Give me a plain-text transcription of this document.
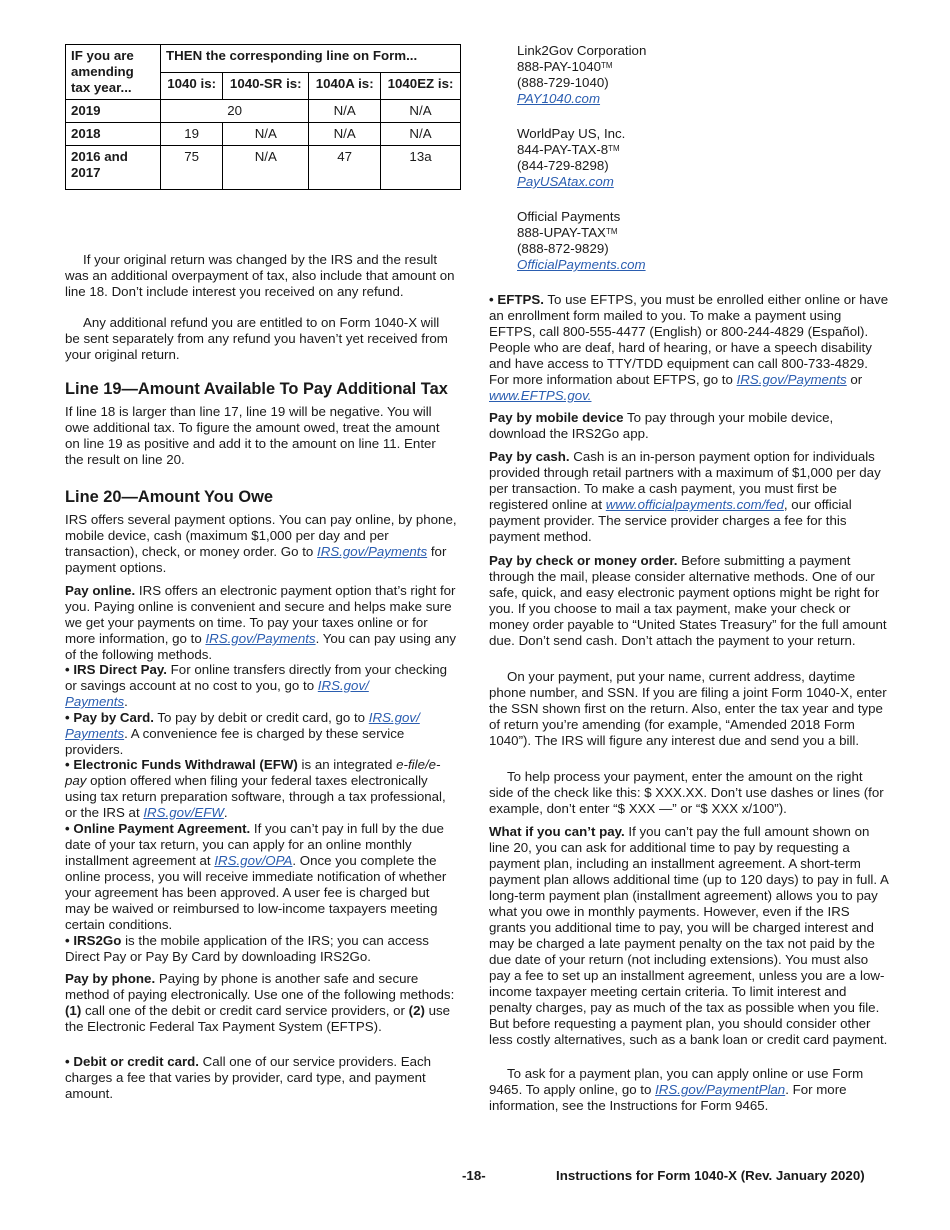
IF you are amending tax year...	THEN the corresponding line on Form...			
	1040 is:	1040-SR is:	1040A is:	1040EZ is:
2019	20		N/A	N/A
2018	19	N/A	N/A	N/A
2016 and 2017	75	N/A	47	13a

If your original return was changed by the IRS and the result was an additional overpayment of tax, also include that amount on line 18. Don’t include interest you received on any refund.

Any additional refund you are entitled to on Form 1040-X will be sent separately from any refund you haven’t yet received from your original return.

Line 19—Amount Available To Pay Additional Tax

If line 18 is larger than line 17, line 19 will be negative. You will owe additional tax. To figure the amount owed, treat the amount on line 19 as positive and add it to the amount on line 11. Enter the result on line 20.

Line 20—Amount You Owe

IRS offers several payment options. You can pay online, by phone, mobile device, cash (maximum $1,000 per day and per transaction), check, or money order. Go to IRS.gov/Payments for payment options.

Pay online. IRS offers an electronic payment option that’s right for you. Paying online is convenient and secure and helps make sure we get your payments on time. To pay your taxes online or for more information, go to IRS.gov/Payments. You can pay using any of the following methods.

• IRS Direct Pay. For online transfers directly from your checking or savings account at no cost to you, go to IRS.gov/
Payments.

• Pay by Card. To pay by debit or credit card, go to IRS.gov/
Payments. A convenience fee is charged by these service providers.

• Electronic Funds Withdrawal (EFW) is an integrated e-file/e-pay option offered when filing your federal taxes electronically using tax return preparation software, through a tax professional, or the IRS at IRS.gov/EFW.

• Online Payment Agreement. If you can’t pay in full by the due date of your tax return, you can apply for an online monthly installment agreement at IRS.gov/OPA. Once you complete the online process, you will receive immediate notification of whether your agreement has been approved. A user fee is charged but may be waived or reimbursed to low-income taxpayers meeting certain conditions.

• IRS2Go is the mobile application of the IRS; you can access Direct Pay or Pay By Card by downloading IRS2Go.

Pay by phone. Paying by phone is another safe and secure method of paying electronically. Use one of the following methods: (1) call one of the debit or credit card service providers, or (2) use the Electronic Federal Tax Payment System (EFTPS).

• Debit or credit card. Call one of our service providers. Each charges a fee that varies by provider, card type, and payment amount.

Link2Gov Corporation

888-PAY-1040™

(888-729-1040)

PAY1040.com

WorldPay US, Inc.

844-PAY-TAX-8™

(844-729-8298)

PayUSAtax.com

Official Payments

888-UPAY-TAX™

(888-872-9829)

OfficialPayments.com

• EFTPS. To use EFTPS, you must be enrolled either online or have an enrollment form mailed to you. To make a payment using EFTPS, call 800-555-4477 (English) or 800-244-4829 (Español). People who are deaf, hard of hearing, or have a speech disability and have access to TTY/TDD equipment can call 800-733-4829. For more information about EFTPS, go to IRS.gov/Payments or www.EFTPS.gov.

Pay by mobile device To pay through your mobile device, download the IRS2Go app.

Pay by cash. Cash is an in-person payment option for individuals provided through retail partners with a maximum of $1,000 per day per transaction. To make a cash payment, you must first be registered online at www.officialpayments.com/fed, our official payment provider. The service provider charges a fee for this payment method.

Pay by check or money order. Before submitting a payment through the mail, please consider alternative methods. One of our safe, quick, and easy electronic payment options might be right for you. If you choose to mail a tax payment, make your check or money order payable to “United States Treasury” for the full amount due. Don’t send cash. Don’t attach the payment to your return.

On your payment, put your name, current address, daytime phone number, and SSN. If you are filing a joint Form 1040-X, enter the SSN shown first on the return. Also, enter the tax year and type of return you’re amending (for example, “Amended 2018 Form 1040”). The IRS will figure any interest due and send you a bill.

To help process your payment, enter the amount on the right side of the check like this: $ XXX.XX. Don’t use dashes or lines (for example, don’t enter “$ XXX —” or “$ XXX x/100”).

What if you can’t pay. If you can’t pay the full amount shown on line 20, you can ask for additional time to pay by requesting a payment plan, including an installment agreement. A short-term payment plan allows additional time (up to 120 days) to pay in full. A long-term payment plan (installment agreement) allows you to pay what you owe in monthly payments. However, even if the IRS grants you additional time to pay, you will be charged interest and may be charged a late payment penalty on the tax not paid by the due date of your return (not including extensions). You must also pay a fee to set up an installment agreement, unless you are a low-income taxpayer meeting certain criteria. To limit interest and penalty charges, pay as much of the tax as possible when you file. But before requesting a payment plan, you should consider other less costly alternatives, such as a bank loan or credit card payment.

To ask for a payment plan, you can apply online or use Form 9465. To apply online, go to IRS.gov/PaymentPlan. For more information, see the Instructions for Form 9465.

-18-	Instructions for Form 1040-X (Rev. January 2020)
